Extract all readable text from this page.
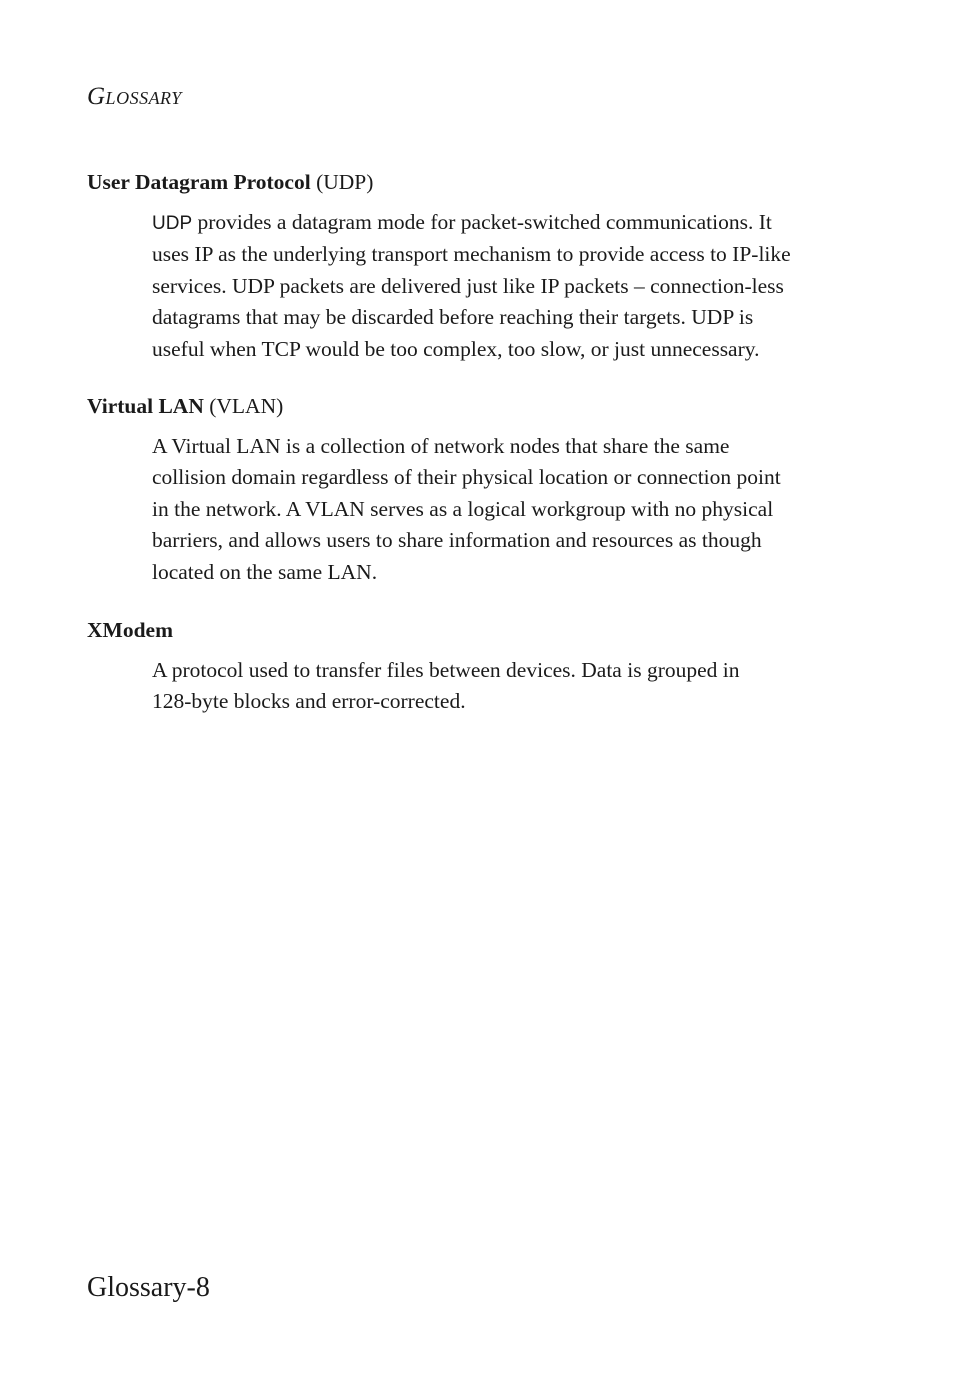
Glossary

User Datagram Protocol (UDP)

UDP provides a datagram mode for packet-switched communications. It
uses IP as the underlying transport mechanism to provide access to IP-like
services. UDP packets are delivered just like IP packets – connection-less
datagrams that may be discarded before reaching their targets. UDP is
useful when TCP would be too complex, too slow, or just unnecessary.

Virtual LAN (VLAN)

A Virtual LAN is a collection of network nodes that share the same
collision domain regardless of their physical location or connection point
in the network. A VLAN serves as a logical workgroup with no physical
barriers, and allows users to share information and resources as though
located on the same LAN.

XModem

A protocol used to transfer files between devices. Data is grouped in
128-byte blocks and error-corrected.
Glossary-8
